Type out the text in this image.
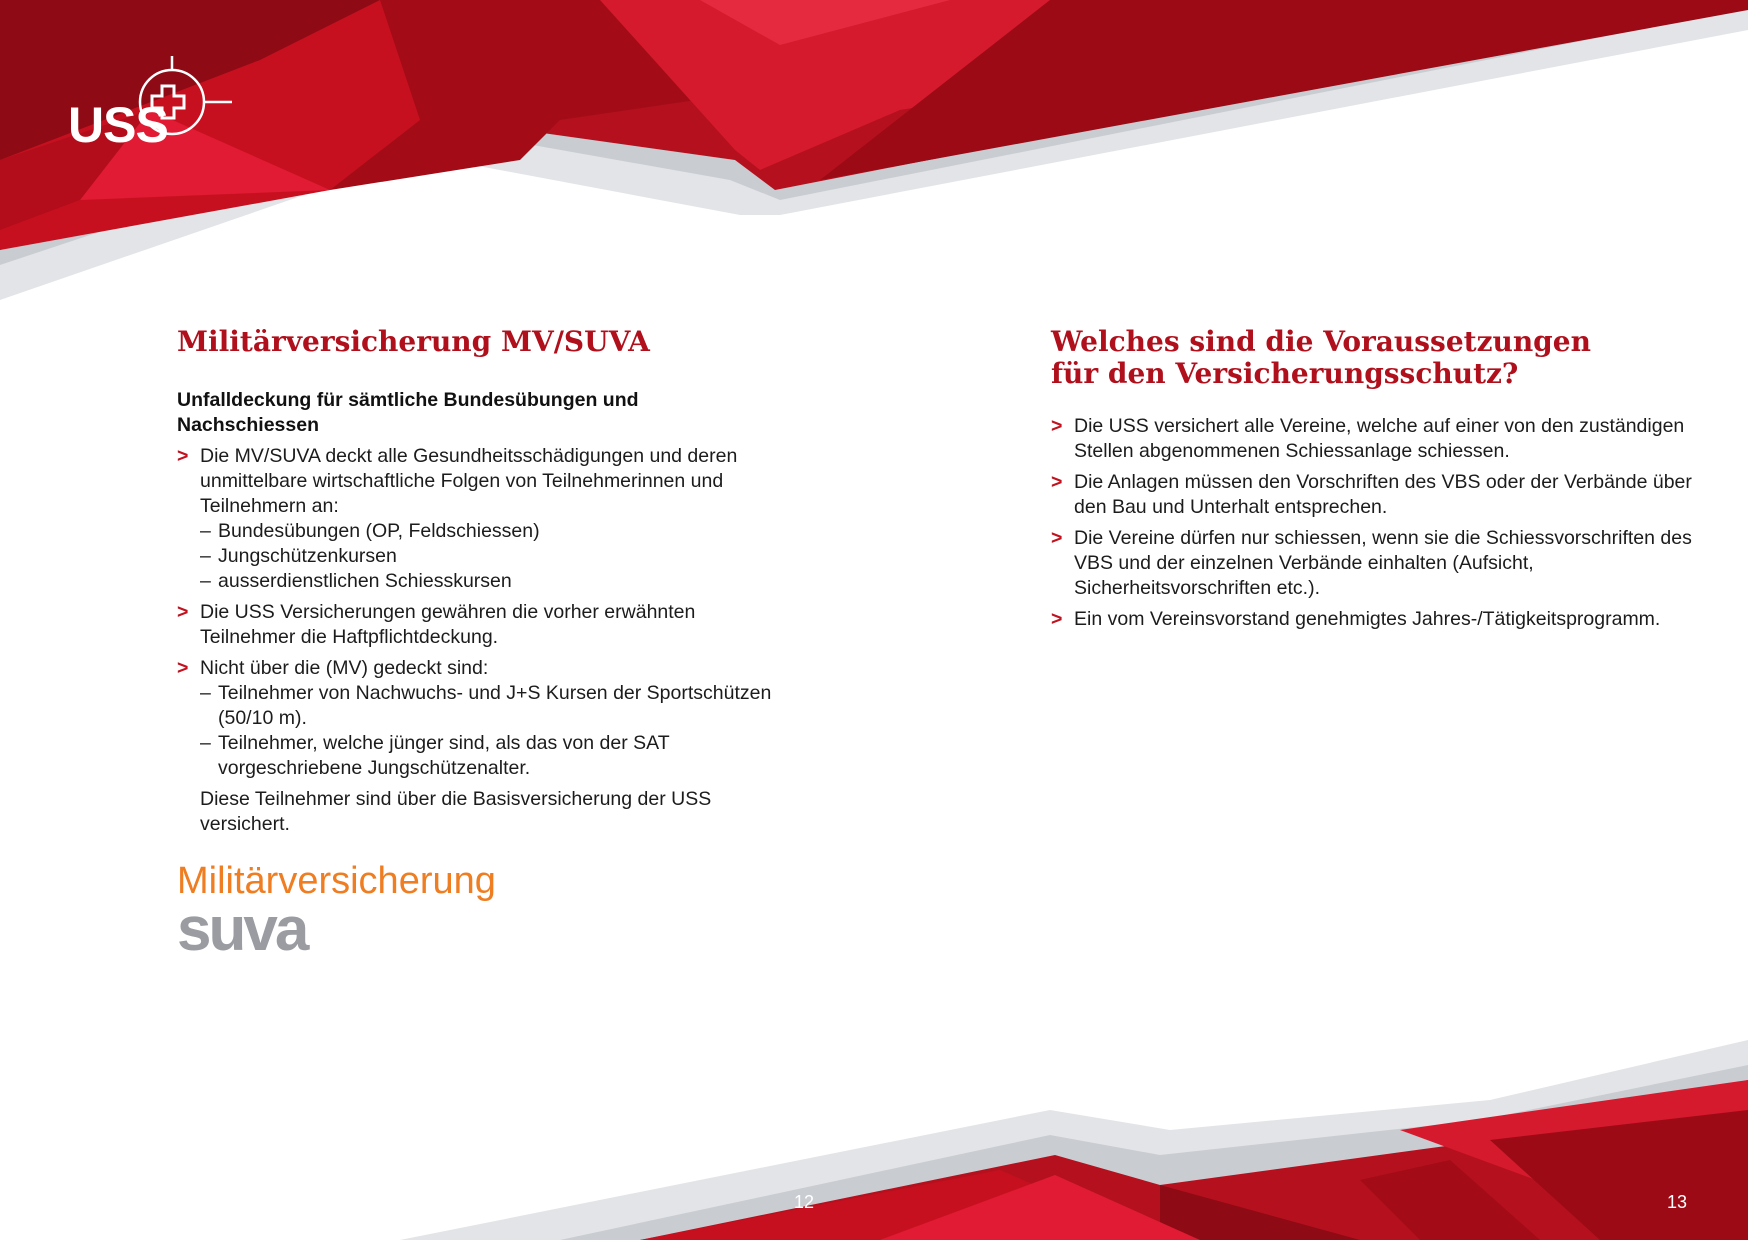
USS
Militärversicherung MV/SUVA
Unfalldeckung für sämtliche Bundesübungen und Nachschiessen
> Die MV/SUVA deckt alle Gesundheitsschädigungen und deren unmittelbare wirtschaftliche Folgen von Teilnehmerinnen und Teilnehmern an:
– Bundesübungen (OP, Feldschiessen)
– Jungschützenkursen
– ausserdienstlichen Schiesskursen
> Die USS Versicherungen gewähren die vorher erwähnten Teilnehmer die Haftpflichtdeckung.
> Nicht über die (MV) gedeckt sind:
– Teilnehmer von Nachwuchs- und J+S Kursen der Sportschützen (50/10 m).
– Teilnehmer, welche jünger sind, als das von der SAT vorgeschriebene Jungschützenalter.
Diese Teilnehmer sind über die Basisversicherung der USS versichert.
Militärversicherung
suva
Welches sind die Voraussetzungen
für den Versicherungsschutz?
> Die USS versichert alle Vereine, welche auf einer von den zuständigen Stellen abgenommenen Schiessanlage schiessen.
> Die Anlagen müssen den Vorschriften des VBS oder der Verbände über den Bau und Unterhalt entsprechen.
> Die Vereine dürfen nur schiessen, wenn sie die Schiessvorschriften des VBS und der einzelnen Verbände einhalten (Aufsicht, Sicherheitsvorschriften etc.).
> Ein vom Vereinsvorstand genehmigtes Jahres-/Tätigkeitsprogramm.
12	13
